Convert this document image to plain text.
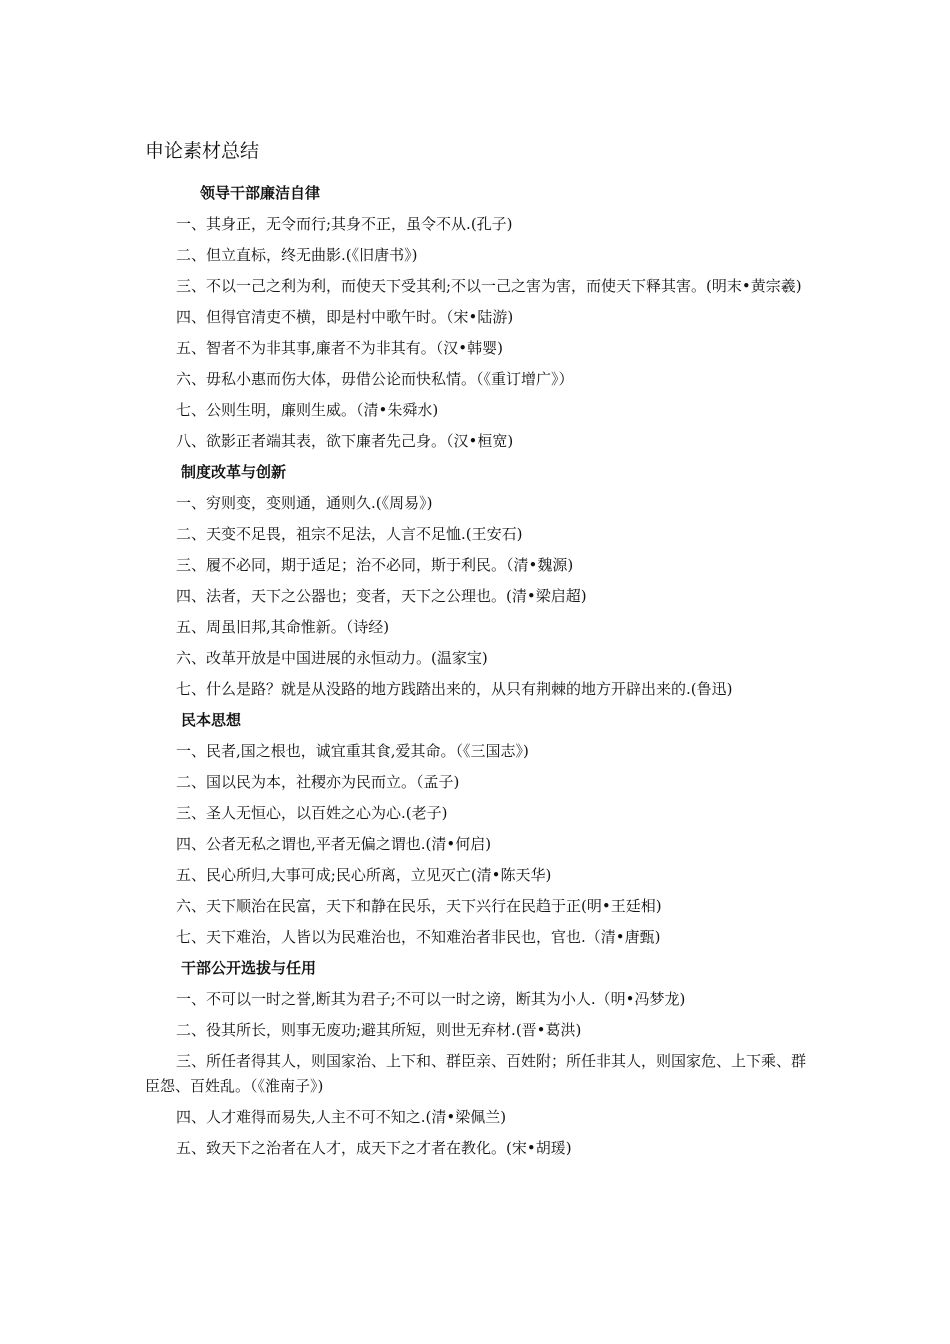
申论素材总结
领导干部廉洁自律
一、其身正，无令而行;其身不正，虽令不从.(孔子)
二、但立直标，终无曲影.(《旧唐书》)
三、不以一己之利为利，而使天下受其利;不以一己之害为害，而使天下释其害。(明末•黄宗羲)
四、但得官清吏不横，即是村中歌午时。（宋•陆游)
五、智者不为非其事,廉者不为非其有。（汉•韩婴)
六、毋私小惠而伤大体，毋借公论而快私情。（《重订增广》）
七、公则生明，廉则生威。（清•朱舜水)
八、欲影正者端其表，欲下廉者先己身。（汉•桓宽)
制度改革与创新
一、穷则变，变则通，通则久.(《周易》)
二、天变不足畏，祖宗不足法，人言不足恤.(王安石)
三、履不必同，期于适足；治不必同，斯于利民。（清•魏源)
四、法者，天下之公器也；变者，天下之公理也。(清•梁启超)
五、周虽旧邦,其命惟新。（诗经)
六、改革开放是中国进展的永恒动力。(温家宝)
七、什么是路？就是从没路的地方践踏出来的，从只有荆棘的地方开辟出来的.(鲁迅)
民本思想
一、民者,国之根也，诚宜重其食,爱其命。（《三国志》)
二、国以民为本，社稷亦为民而立。（孟子)
三、圣人无恒心，以百姓之心为心.(老子)
四、公者无私之谓也,平者无偏之谓也.(清•何启)
五、民心所归,大事可成;民心所离，立见灭亡(清•陈天华)
六、天下顺治在民富，天下和静在民乐，天下兴行在民趋于正(明•王廷相)
七、天下难治，人皆以为民难治也，不知难治者非民也，官也.（清•唐甄)
干部公开选拔与任用
一、不可以一时之誉,断其为君子;不可以一时之谤，断其为小人.（明•冯梦龙)
二、役其所长，则事无废功;避其所短，则世无弃材.(晋•葛洪)
三、所任者得其人，则国家治、上下和、群臣亲、百姓附；所任非其人，则国家危、上下乘、群臣怨、百姓乱。（《淮南子》)
四、人才难得而易失,人主不可不知之.(清•梁佩兰)
五、致天下之治者在人才，成天下之才者在教化。(宋•胡瑗)
